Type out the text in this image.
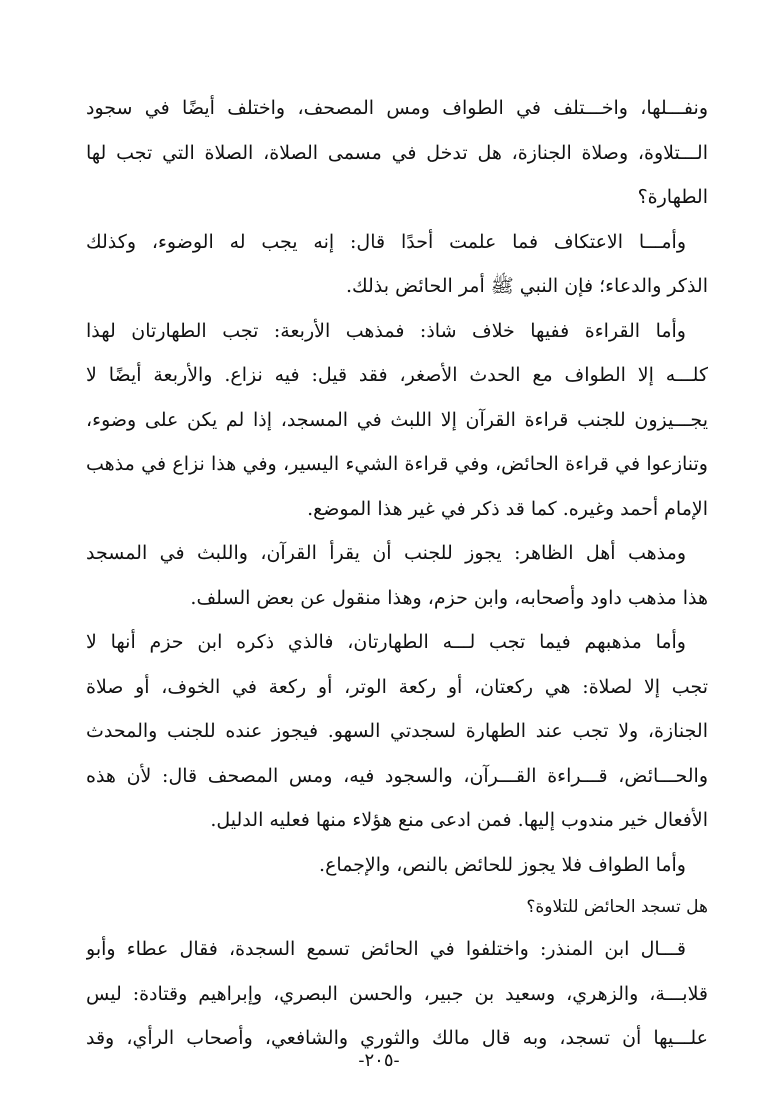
ونفـــلها، واخـــتلف في الطواف ومس المصحف، واختلف أيضًا في سجود
الـــتلاوة، وصلاة الجنازة، هل تدخل في مسمى الصلاة، الصلاة التي تجب لها
الطهارة؟
وأمـــا الاعتكاف فما علمت أحدًا قال: إنه يجب له الوضوء، وكذلك
الذكر والدعاء؛ فإن النبي ﷺ أمر الحائض بذلك.
وأما القراءة ففيها خلاف شاذ: فمذهب الأربعة: تجب الطهارتان لهذا
كلـــه إلا الطواف مع الحدث الأصغر، فقد قيل: فيه نزاع. والأربعة أيضًا لا
يجـــيزون للجنب قراءة القرآن إلا اللبث في المسجد، إذا لم يكن على وضوء،
وتنازعوا في قراءة الحائض، وفي قراءة الشيء اليسير، وفي هذا نزاع في مذهب
الإمام أحمد وغيره. كما قد ذكر في غير هذا الموضع.
ومذهب أهل الظاهر: يجوز للجنب أن يقرأ القرآن، واللبث في المسجد
هذا مذهب داود وأصحابه، وابن حزم، وهذا منقول عن بعض السلف.
وأما مذهبهم فيما تجب لـــه الطهارتان، فالذي ذكره ابن حزم أنها لا
تجب إلا لصلاة: هي ركعتان، أو ركعة الوتر، أو ركعة في الخوف، أو صلاة
الجنازة، ولا تجب عند الطهارة لسجدتي السهو. فيجوز عنده للجنب والمحدث
والحـــائض، قـــراءة القـــرآن، والسجود فيه، ومس المصحف قال: لأن هذه
الأفعال خير مندوب إليها. فمن ادعى منع هؤلاء منها فعليه الدليل.
وأما الطواف فلا يجوز للحائض بالنص، والإجماع.
هل تسجد الحائض للتلاوة؟
قـــال ابن المنذر: واختلفوا في الحائض تسمع السجدة، فقال عطاء وأبو
قلابـــة، والزهري، وسعيد بن جبير، والحسن البصري، وإبراهيم وقتادة: ليس
علـــيها أن تسجد، وبه قال مالك والثوري والشافعي، وأصحاب الرأي، وقد
-٢٠٥-
